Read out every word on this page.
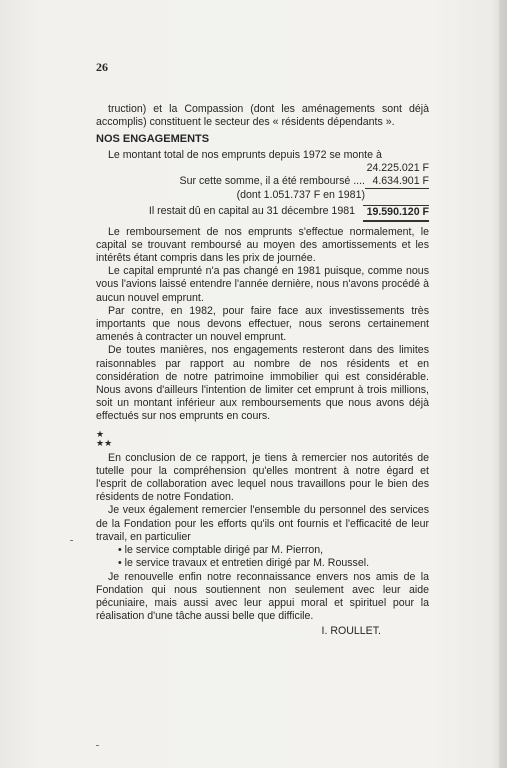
26

truction) et la Compassion (dont les aménagements sont déjà accomplis) constituent le secteur des « résidents dépendants ».

NOS ENGAGEMENTS

Le montant total de nos emprunts depuis 1972 se monte à

24.225.021 F
Sur cette somme, il a été remboursé .... 4.634.901 F
(dont 1.051.737 F en 1981)
Il restait dû en capital au 31 décembre 1981	19.590.120 F

Le remboursement de nos emprunts s'effectue normalement, le capital se trouvant remboursé au moyen des amortissements et les intérêts étant compris dans les prix de journée.

Le capital emprunté n'a pas changé en 1981 puisque, comme nous vous l'avions laissé entendre l'année dernière, nous n'avons procédé à aucun nouvel emprunt.

Par contre, en 1982, pour faire face aux investissements très importants que nous devons effectuer, nous serons certainement amenés à contracter un nouvel emprunt.

De toutes manières, nos engagements resteront dans des limites raisonnables par rapport au nombre de nos résidents et en considération de notre patrimoine immobilier qui est considérable. Nous avons d'ailleurs l'intention de limiter cet emprunt à trois millions, soit un montant inférieur aux remboursements que nous avons déjà effectués sur nos emprunts en cours.

★
★★

En conclusion de ce rapport, je tiens à remercier nos autorités de tutelle pour la compréhension qu'elles montrent à notre égard et l'esprit de collaboration avec lequel nous travaillons pour le bien des résidents de notre Fondation.

Je veux également remercier l'ensemble du personnel des services de la Fondation pour les efforts qu'ils ont fournis et l'efficacité de leur travail, en particulier

• le service comptable dirigé par M. Pierron,

• le service travaux et entretien dirigé par M. Roussel.

Je renouvelle enfin notre reconnaissance envers nos amis de la Fondation qui nous soutiennent non seulement avec leur aide pécuniaire, mais aussi avec leur appui moral et spirituel pour la réalisation d'une tâche aussi belle que difficile.

I. ROULLET.
